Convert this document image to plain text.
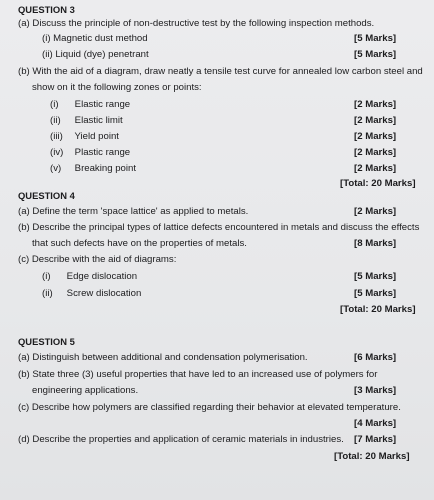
QUESTION 3
(a) Discuss the principle of non-destructive test by the following inspection methods.
(i) Magnetic dust method	[5 Marks]
(ii) Liquid (dye) penetrant	[5 Marks]
(b) With the aid of a diagram, draw neatly a tensile test curve for annealed low carbon steel and
show on it the following zones or points:
(i) Elastic range	[2 Marks]
(ii) Elastic limit	[2 Marks]
(iii) Yield point	[2 Marks]
(iv) Plastic range	[2 Marks]
(v) Breaking point	[2 Marks]
[Total: 20 Marks]
QUESTION 4
(a) Define the term 'space lattice' as applied to metals.	[2 Marks]
(b) Describe the principal types of lattice defects encountered in metals and discuss the effects
that such defects have on the properties of metals.	[8 Marks]
(c) Describe with the aid of diagrams:
(i) Edge dislocation	[5 Marks]
(ii) Screw dislocation	[5 Marks]
[Total: 20 Marks]
QUESTION 5
(a) Distinguish between additional and condensation polymerisation.	[6 Marks]
(b) State three (3) useful properties that have led to an increased use of polymers for
engineering applications.	[3 Marks]
(c) Describe how polymers are classified regarding their behavior at elevated temperature.
[4 Marks]
(d) Describe the properties and application of ceramic materials in industries. [7 Marks]
[Total: 20 Marks]
